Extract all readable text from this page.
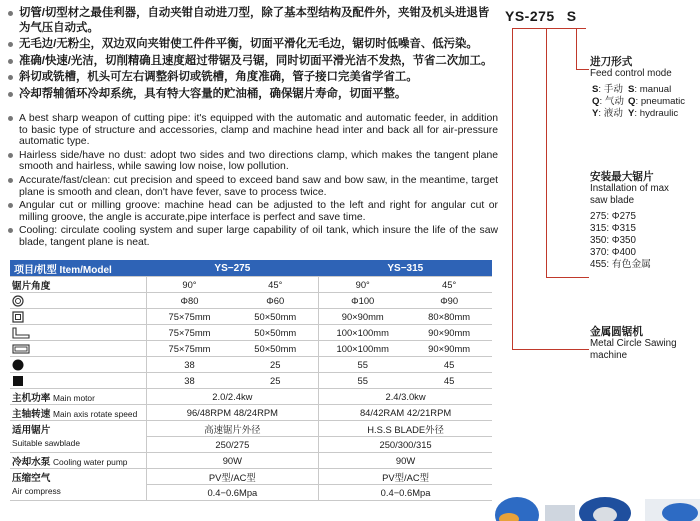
切管/切型材之最佳利器，自动夹钳自动进刀型，除了基本型结构及配件外，夹钳及机头进退皆为气压自动式。
无毛边/无粉尘，双边双向夹钳使工件件平衡，切面平滑化无毛边，锯切时低噪音、低污染。
准确/快速/光洁，切削精确且速度超过带锯及弓锯，同时切面平滑光洁不发热，节省二次加工。
斜切或铣槽，机头可左右调整斜切或铣槽，角度准确，管子接口完美省学省工。
冷却帮辅循环冷却系统，具有特大容量的贮油桶，确保锯片寿命，切面平整。
A best sharp weapon of cutting pipe: it's equipped with the automatic and automatic feeder, in addition to basic type of structure and accessories, clamp and machine head inter and back all for air-pressure automatic type.
Hairless side/have no dust: adopt two sides and two directions clamp, which makes the tangent plane smooth and hairless, while sawing low noise, low pollution.
Accurate/fast/clean: cut precision and speed to exceed band saw and bow saw, in the meantime, target plane is smooth and clean, don't have fever, save to process twice.
Angular cut or milling groove: machine head can be adjusted to the left and right for angular cut or milling groove, the angle is accurate,pipe interface is perfect and save time.
Cooling: circulate cooling system and super large capability of oil tank, which insure the life of the saw blade, tangent plane is neat.
项目/机型 Item/Model	YS−275		YS−315	
锯片角度	90°	45°	90°	45°
	Φ80	Φ60	Φ100	Φ90
	75×75mm	50×50mm	90×90mm	80×80mm
	75×75mm	50×50mm	100×100mm	90×90mm
	75×75mm	50×50mm	100×100mm	90×90mm
	38	25	55	45
	38	25	55	45
主机功率 Main motor	2.0/2.4kw		2.4/3.0kw	
主轴转速 Main axis rotate speed	96/48RPM 48/24RPM		84/42RAM 42/21RPM	
适用锯片
Suitable sawblade	高速锯片外径		H.S.S BLADE外径	
	250/275		250/300/315	
冷却水泵 Cooling water pump	90W		90W	
压缩空气
Air compress	PV型/AC型		PV型/AC型	
	0.4−0.6Mpa		0.4−0.6Mpa	
YS-275 S
进刀形式
Feed control mode
S: 手动	S: manual
Q: 气动	Q: pneumatic
Y: 液动	Y: hydraulic
安装最大锯片
Installation of max
saw blade
275: Φ275
315: Φ315
350: Φ350
370: Φ400
455: 有色金属
金属圆锯机
Metal Circle Sawing
machine
